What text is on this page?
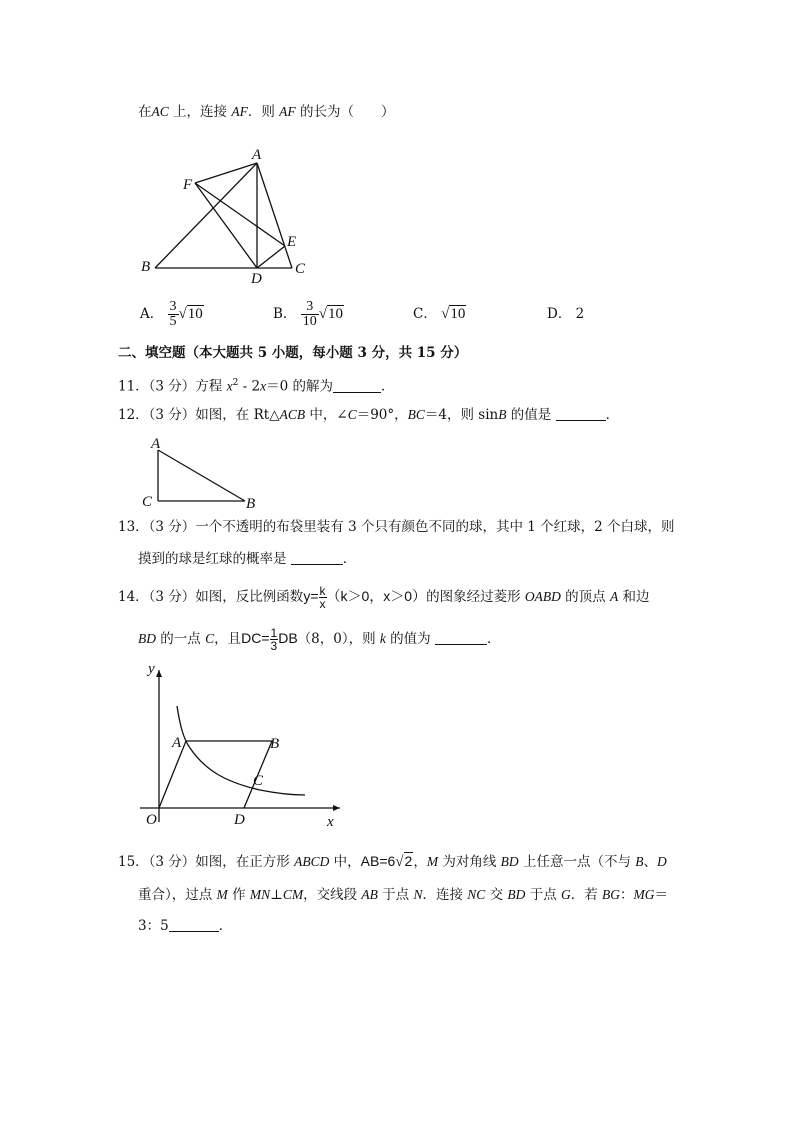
在AC 上，连接 AF．则 AF 的长为（　　）
A
F
E
B
D
C
A． $\frac{3}{5} √10$	B． $\frac{3}{10} √10$	C． √10	D． 2
二、填空题（本大题共 5 小题，每小题 3 分，共 15 分）
11．（3 分）方程 $x^2 - 2x=0$ 的解为	．
12．（3 分）如图，在 Rt△ACB 中，∠C＝90°，BC＝4，则 sinB 的值是	．
A
C	B
13．（3 分）一个不透明的布袋里装有 3 个只有颜色不同的球，其中 1 个红球，2 个白球，则
摸到的球是红球的概率是	．
14．（3 分）如图，反比例函数$y= \frac{k}{x} (k>0$，x＞0）的图象经过菱形 OABD 的顶点 A 和边
BD 的一点 C，且$DC= \frac{1}{3} DB(8$，0），则 k 的值为	．
y
x
O
A	B
C
D
15．（3 分）如图，在正方形 ABCD 中，AB=6√2，M 为对角线 BD 上任意一点（不与 B、D
重合），过点 M 作 MN⊥CM，交线段 AB 于点 N．连接 NC 交 BD 于点 G．若 BG：MG＝
3：5	．
